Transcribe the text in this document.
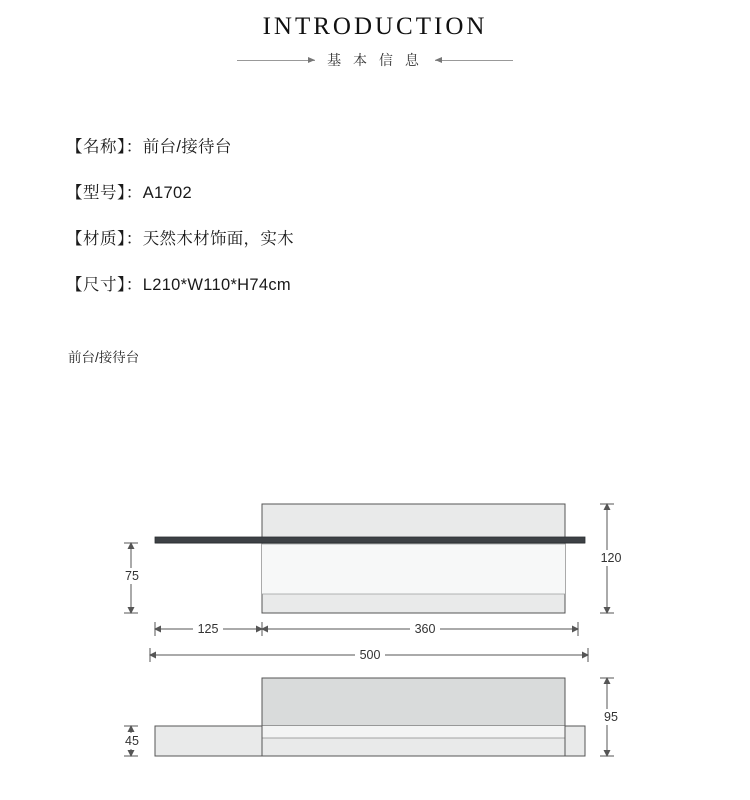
INTRODUCTION
基 本 信 息
【名称】：前台/接待台
【型号】：A1702
【材质】：天然木材饰面，实木
【尺寸】：L210*W110*H74cm
前台/接待台
75
120
125	360
500
45
95
